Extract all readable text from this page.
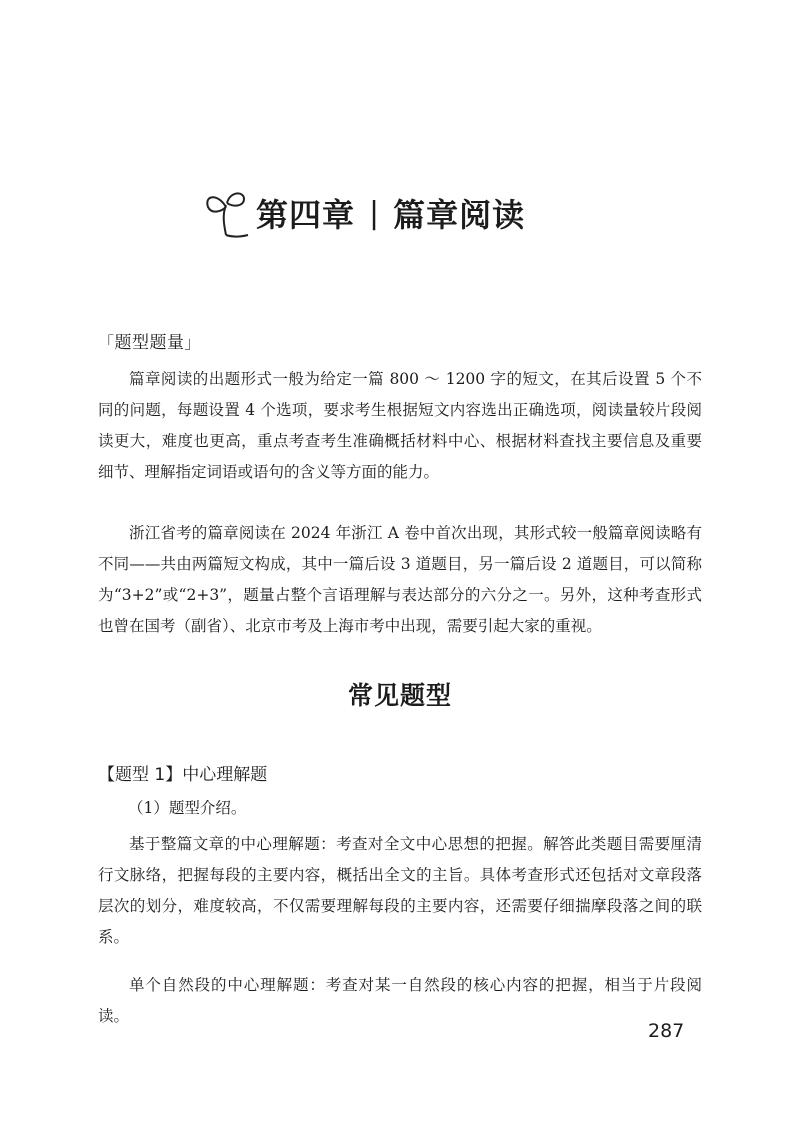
第四章 | 篇章阅读
「题型题量」

篇章阅读的出题形式一般为给定一篇 800 ～ 1200 字的短文，在其后设置 5 个不同的问题，每题设置 4 个选项，要求考生根据短文内容选出正确选项，阅读量较片段阅读更大，难度也更高，重点考查考生准确概括材料中心、根据材料查找主要信息及重要细节、理解指定词语或语句的含义等方面的能力。

浙江省考的篇章阅读在 2024 年浙江 A 卷中首次出现，其形式较一般篇章阅读略有不同——共由两篇短文构成，其中一篇后设 3 道题目，另一篇后设 2 道题目，可以简称为“3+2”或“2+3”，题量占整个言语理解与表达部分的六分之一。另外，这种考查形式也曾在国考（副省）、北京市考及上海市考中出现，需要引起大家的重视。

常见题型
【题型 1】中心理解题
（1）题型介绍。

基于整篇文章的中心理解题：考查对全文中心思想的把握。解答此类题目需要厘清行文脉络，把握每段的主要内容，概括出全文的主旨。具体考查形式还包括对文章段落层次的划分，难度较高，不仅需要理解每段的主要内容，还需要仔细揣摩段落之间的联系。

单个自然段的中心理解题：考查对某一自然段的核心内容的把握，相当于片段阅读。

287
